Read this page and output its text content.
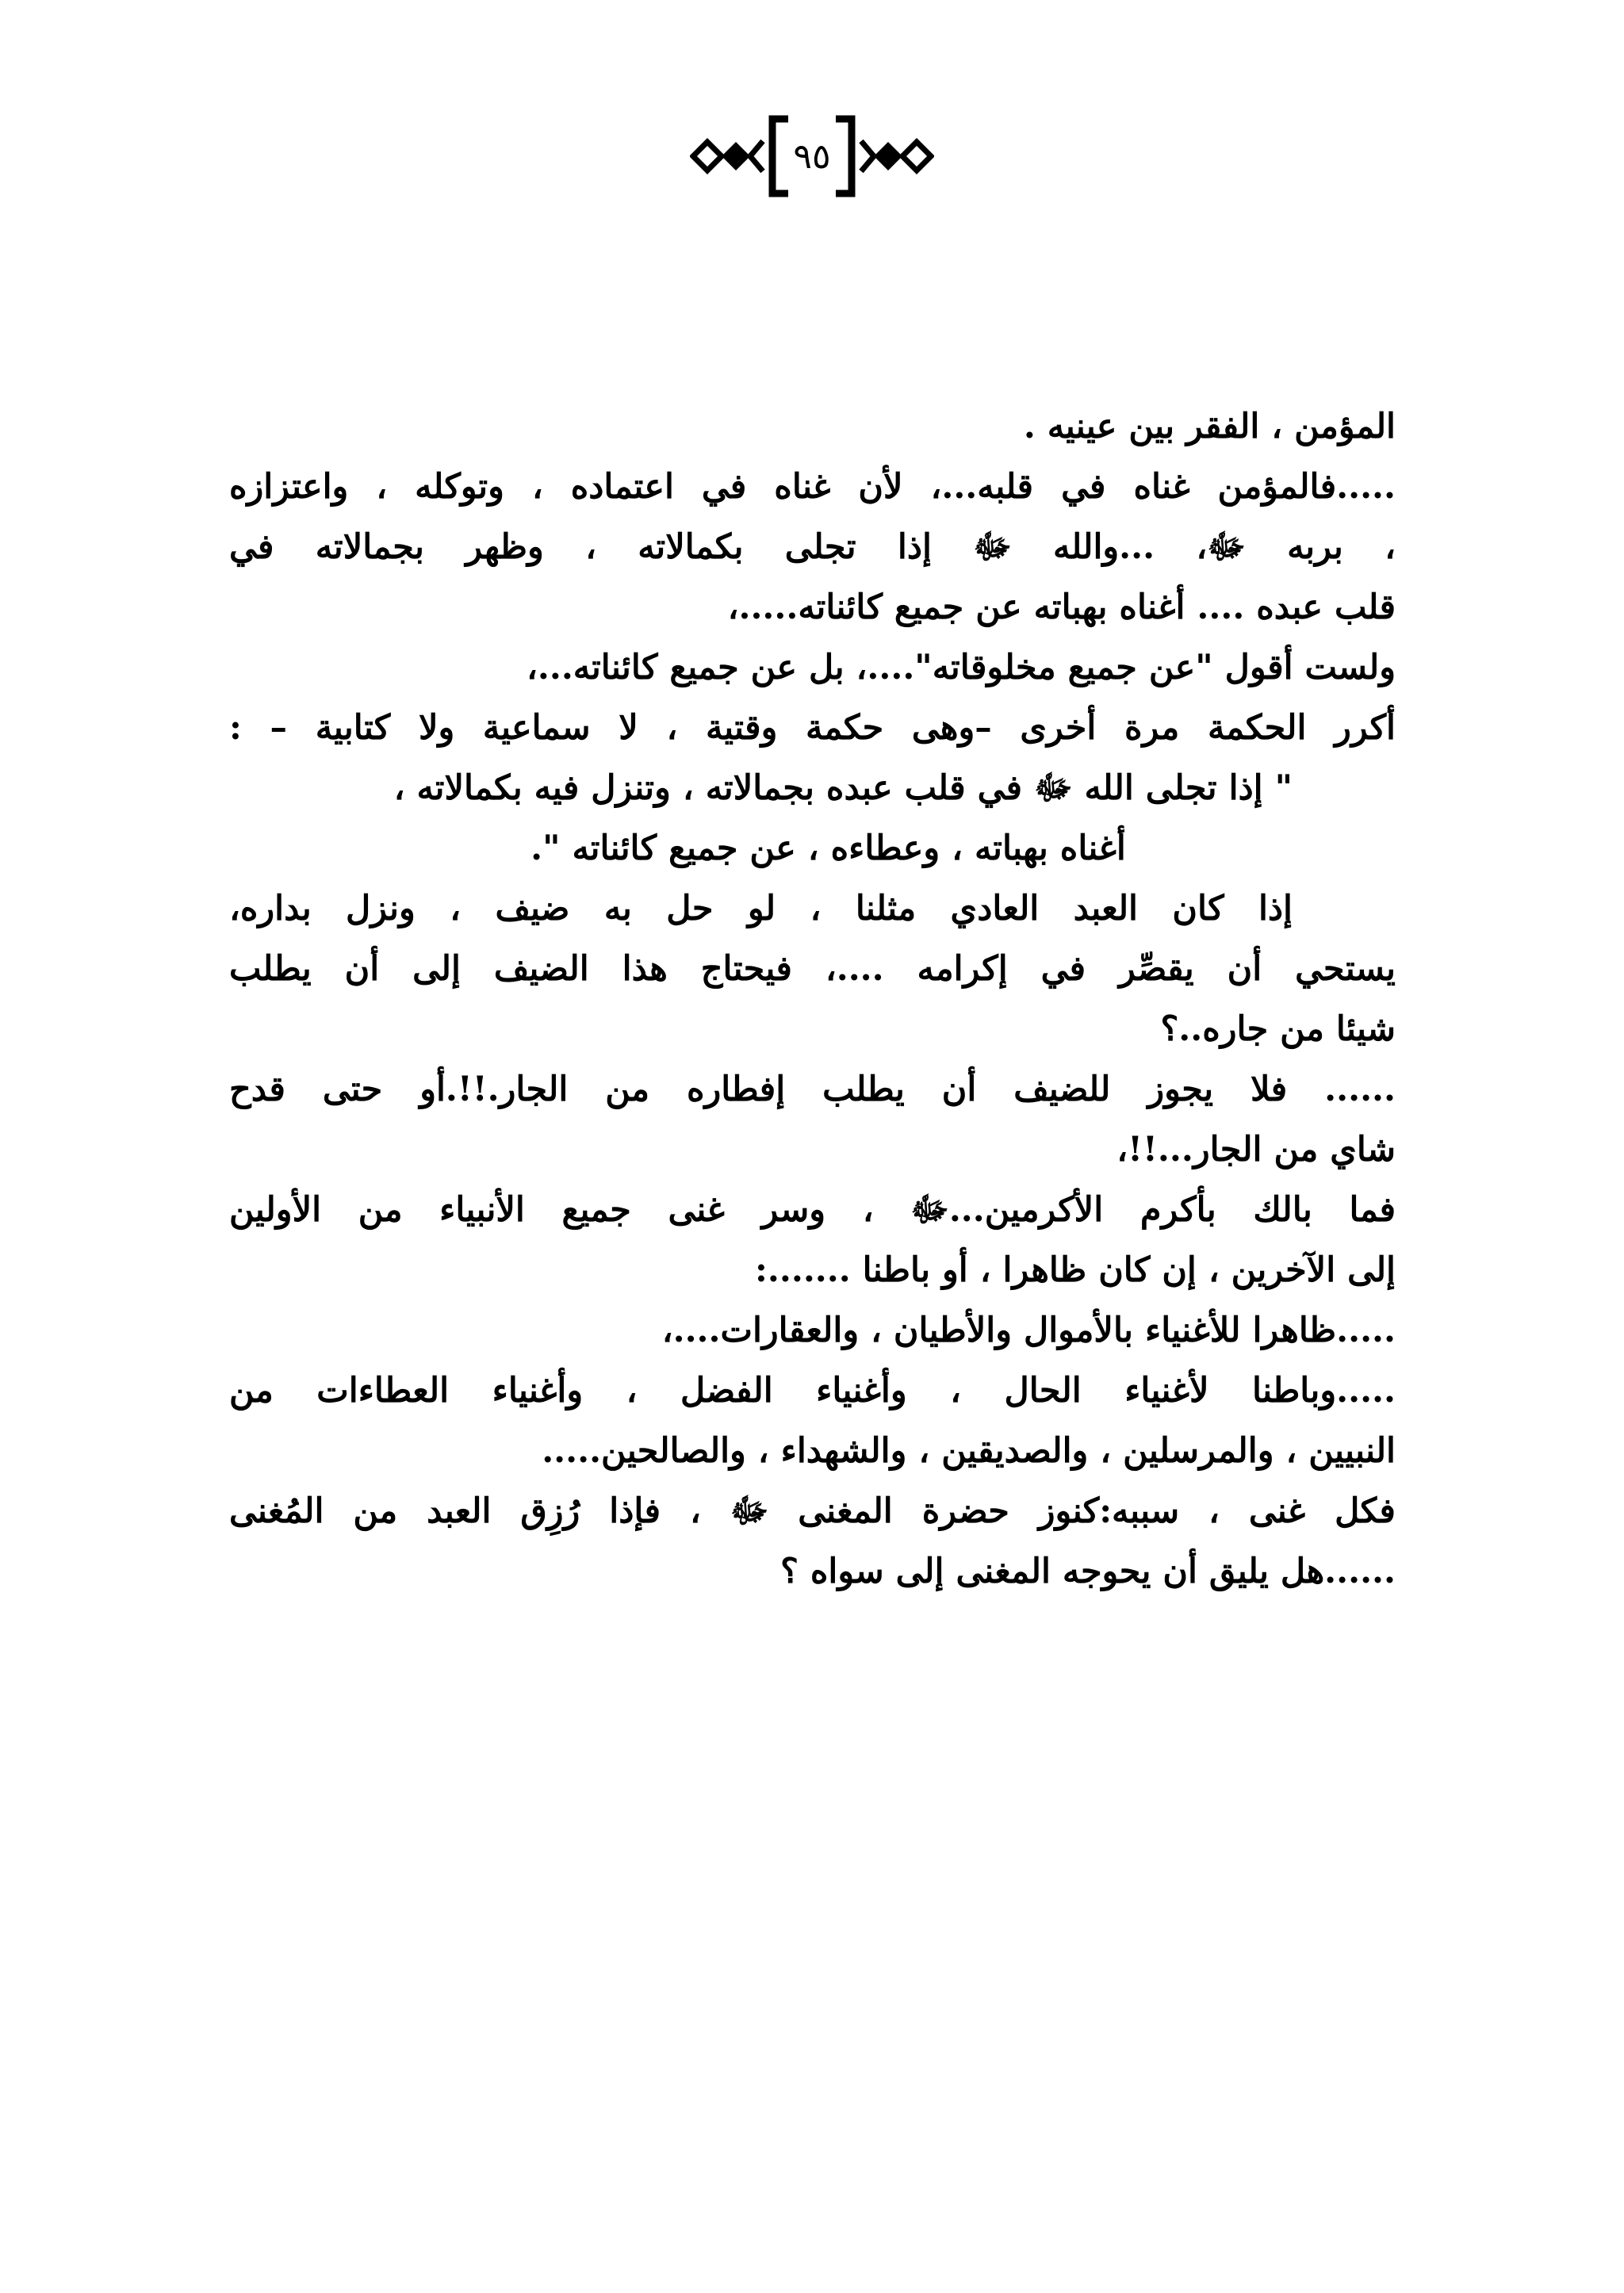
٩٥
المؤمن ، الفقر بين عينيه .
.....فالمؤمن غناه في قلبه...، لأن غناه في اعتماده ، وتوكله ، واعتزازه
، بربه ﷻ، ...والله ﷻ إذا تجلى بكمالاته ، وظهر بجمالاته في
قلب عبده .... أغناه بهباته عن جميع كائناته.....،
ولست أقول "عن جميع مخلوقاته"....، بل عن جميع كائناته...،
أكرر الحكمة مرة أخرى –وهى حكمة وقتية ، لا سماعية ولا كتابية – :
" إذا تجلى الله ﷻ في قلب عبده بجمالاته ، وتنزل فيه بكمالاته ،
أغناه بهباته ، وعطاءه ، عن جميع كائناته ".
إذا كان العبد العادي مثلنا ، لو حل به ضيف ، ونزل بداره،
يستحي أن يقصِّر في إكرامه ....، فيحتاج هذا الضيف إلى أن يطلب
شيئا من جاره..؟
...... فلا يجوز للضيف أن يطلب إفطاره من الجار.!!.أو حتى قدح
شاي من الجار...!!،
فما بالك بأكرم الأكرمين...ﷻ ، وسر غنى جميع الأنبياء من الأولين
إلى الآخرين ، إن كان ظاهرا ، أو باطنا .......:
.....ظاهرا للأغنياء بالأموال والأطيان ، والعقارات....،
.....وباطنا لأغنياء الحال ، وأغنياء الفضل ، وأغنياء العطاءات من
النبيين ، والمرسلين ، والصديقين ، والشهداء ، والصالحين.....
فكل غنى ، سببه:كنوز حضرة المغنى ﷻ ، فإذا رُزِق العبد من المُغنى
......هل يليق أن يحوجه المغنى إلى سواه ؟
